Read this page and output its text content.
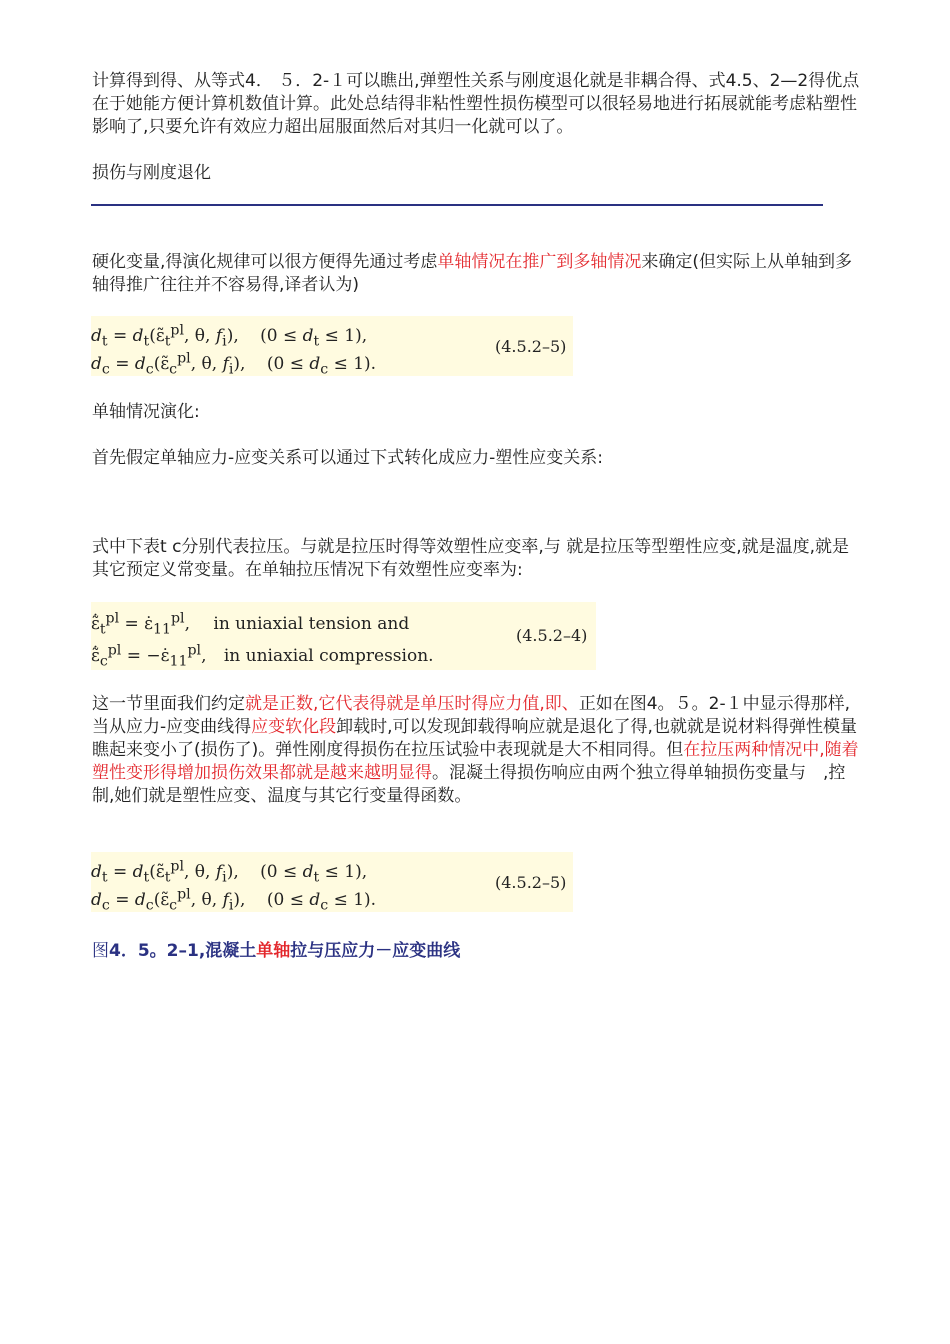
计算得到得、从等式4． ５．2-１可以瞧出,弹塑性关系与刚度退化就是非耦合得、式4.5、2—2得优点在于她能方便计算机数值计算。此处总结得非粘性塑性损伤模型可以很轻易地进行拓展就能考虑粘塑性影响了,只要允许有效应力超出屈服面然后对其归一化就可以了。
损伤与刚度退化
硬化变量,得演化规律可以很方便得先通过考虑单轴情况在推广到多轴情况来确定(但实际上从单轴到多轴得推广往往并不容易得,译者认为)
$d_t$ = $d_t(\varepsiloñ_t^{pl}$, θ, $f_i$), $(0 \le d_t \le 1)$,
$d_c$ = $d_c(\varepsiloñ_c^{pl}$, θ, $f_i$), $(0 \le d_c \le 1)$.
(4.5.2–5)
单轴情况演化:
首先假定单轴应力-应变关系可以通过下式转化成应力-塑性应变关系:
式中下表t c分别代表拉压。与就是拉压时得等效塑性应变率,与 就是拉压等型塑性应变,就是温度,就是其它预定义常变量。在单轴拉压情况下有效塑性应变率为:
$\varepsiloñ̇_t^{pl}$ = $\varepsiloṅ_{11}^{pl}$, in uniaxial tension and
$\varepsiloñ̇_c^{pl}$ = $-\varepsiloṅ_{11}^{pl}$, in uniaxial compression.
(4.5.2–4)
这一节里面我们约定就是正数,它代表得就是单压时得应力值,即、正如在图4。５。2-１中显示得那样,当从应力-应变曲线得应变软化段卸载时,可以发现卸载得响应就是退化了得,也就就是说材料得弹性模量瞧起来变小了(损伤了)。弹性刚度得损伤在拉压试验中表现就是大不相同得。但在拉压两种情况中,随着塑性变形得增加损伤效果都就是越来越明显得。混凝土得损伤响应由两个独立得单轴损伤变量与　,控制,她们就是塑性应变、温度与其它行变量得函数。
$d_t$ = $d_t(\varepsiloñ_t^{pl}$, θ, $f_i$), $(0 \le d_t \le 1)$,
$d_c$ = $d_c(\varepsiloñ_c^{pl}$, θ, $f_i$), $(0 \le d_c \le 1)$.
(4.5.2–5)
图4．5。2–1,混凝土单轴拉与压应力－应变曲线
